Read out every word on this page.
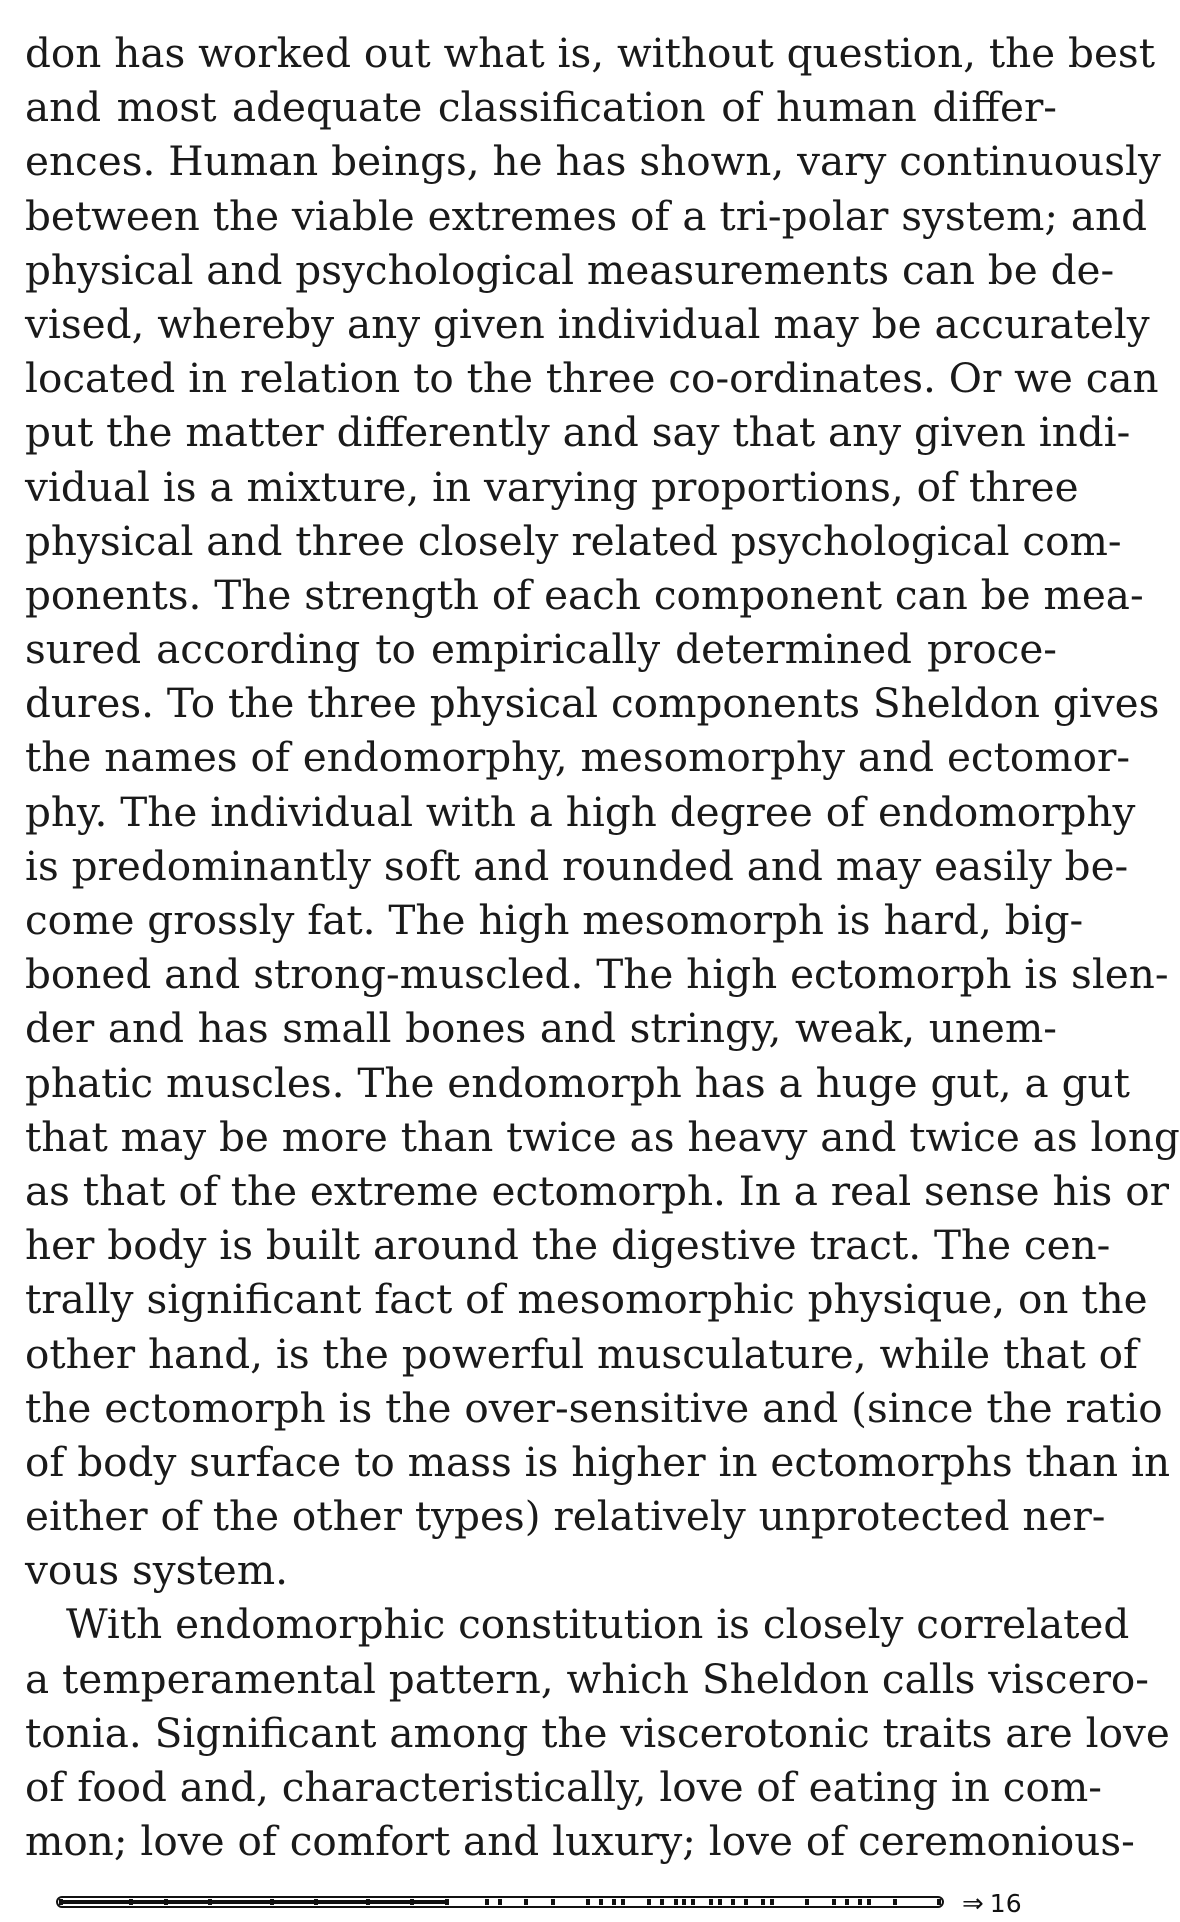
don has worked out what is, without question, the best
and most adequate classification of human differ-
ences. Human beings, he has shown, vary continuously
between the viable extremes of a tri-polar system; and
physical and psychological measurements can be de-
vised, whereby any given individual may be accurately
located in relation to the three co-ordinates. Or we can
put the matter differently and say that any given indi-
vidual is a mixture, in varying proportions, of three
physical and three closely related psychological com-
ponents. The strength of each component can be mea-
sured according to empirically determined proce-
dures. To the three physical components Sheldon gives
the names of endomorphy, mesomorphy and ectomor-
phy. The individual with a high degree of endomorphy
is predominantly soft and rounded and may easily be-
come grossly fat. The high mesomorph is hard, big-
boned and strong-muscled. The high ectomorph is slen-
der and has small bones and stringy, weak, unem-
phatic muscles. The endomorph has a huge gut, a gut
that may be more than twice as heavy and twice as long
as that of the extreme ectomorph. In a real sense his or
her body is built around the digestive tract. The cen-
trally significant fact of mesomorphic physique, on the
other hand, is the powerful musculature, while that of
the ectomorph is the over-sensitive and (since the ratio
of body surface to mass is higher in ectomorphs than in
either of the other types) relatively unprotected ner-
vous system.
With endomorphic constitution is closely correlated
a temperamental pattern, which Sheldon calls viscero-
tonia. Significant among the viscerotonic traits are love
of food and, characteristically, love of eating in com-
mon; love of comfort and luxury; love of ceremonious-
⇒ 16
